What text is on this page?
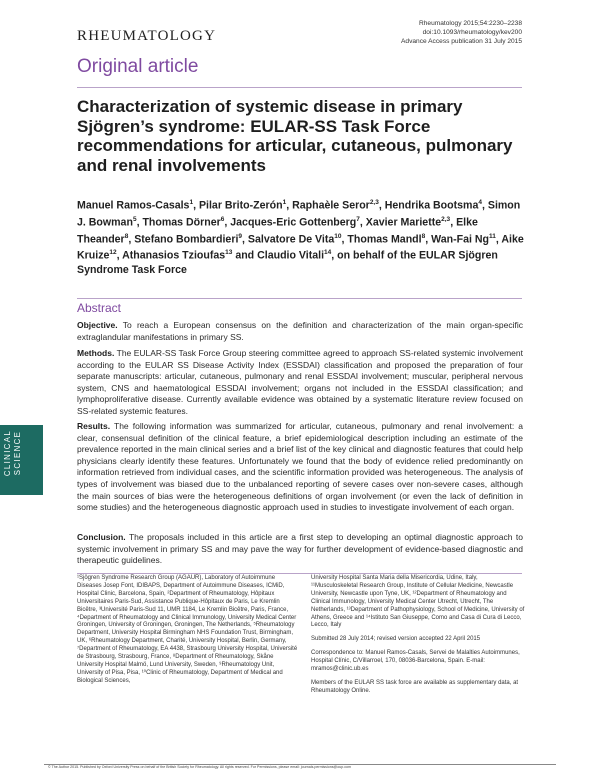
RHEUMATOLOGY
Rheumatology 2015;54:2230–2238
doi:10.1093/rheumatology/kev200
Advance Access publication 31 July 2015
Original article
Characterization of systemic disease in primary Sjögren’s syndrome: EULAR-SS Task Force recommendations for articular, cutaneous, pulmonary and renal involvements
Manuel Ramos-Casals$^1$, Pilar Brito-Zerón$^1$, Raphaèle Seror$^{2,3}$, Hendrika Bootsma$^4$, Simon J. Bowman$^5$, Thomas Dörner$^6$, Jacques-Eric Gottenberg$^7$, Xavier Mariette$^{2,3}$, Elke Theander$^8$, Stefano Bombardieri$^9$, Salvatore De Vita$^{10}$, Thomas Mandl$^8$, Wan-Fai Ng$^{11}$, Aike Kruize$^{12}$, Athanasios Tzioufas$^{13}$ and Claudio Vitali$^{14}$, on behalf of the EULAR Sjögren Syndrome Task Force
Abstract
Objective. To reach a European consensus on the definition and characterization of the main organ-specific extraglandular manifestations in primary SS.
Methods. The EULAR-SS Task Force Group steering committee agreed to approach SS-related systemic involvement according to the EULAR SS Disease Activity Index (ESSDAI) classification and proposed the preparation of four separate manuscripts: articular, cutaneous, pulmonary and renal ESSDAI involvement; muscular, peripheral nervous system, CNS and haematological ESSDAI involvement; organs not included in the ESSDAI classification; and lymphoproliferative disease. Currently available evidence was obtained by a systematic literature review focused on SS-related systemic features.
Results. The following information was summarized for articular, cutaneous, pulmonary and renal involvement: a clear, consensual definition of the clinical feature, a brief epidemiological description including an estimate of the prevalence reported in the main clinical series and a brief list of the key clinical and diagnostic features that could help physicians clearly identify these features. Unfortunately we found that the body of evidence relied predominantly on information retrieved from individual cases, and the scientific information provided was heterogeneous. The analysis of types of involvement was biased due to the unbalanced reporting of severe cases over non-severe cases, although the main sources of bias were the heterogeneous definitions of organ involvement (or even the lack of definition in some studies) and the heterogeneous diagnostic approach used in studies to investigate involvement of each organ.
Conclusion. The proposals included in this article are a first step to developing an optimal diagnostic approach to systemic involvement in primary SS and may pave the way for further development of evidence-based diagnostic and therapeutic guidelines.
CLINICAL SCIENCE
¹Sjögren Syndrome Research Group (AGAUR), Laboratory of Autoimmune Diseases Josep Font, IDIBAPS, Department of Autoimmune Diseases, ICMiD, Hospital Clinic, Barcelona, Spain, ²Department of Rheumatology, Hôpitaux Universitaires Paris-Sud, Assistance Publique-Hôpitaux de Paris, Le Kremlin Bicêtre, ³Université Paris-Sud 11, UMR 1184, Le Kremlin Bicêtre, Paris, France, ⁴Department of Rheumatology and Clinical Immunology, University Medical Center Groningen, University of Groningen, Groningen, The Netherlands, ⁵Rheumatology Department, University Hospital Birmingham NHS Foundation Trust, Birmingham, UK, ⁶Rheumatology Department, Charité, University Hospital, Berlin, Germany, ⁷Department of Rheumatology, EA 4438, Strasbourg University Hospital, Université de Strasbourg, Strasbourg, France, ⁸Department of Rheumatology, Skåne University Hospital Malmö, Lund University, Sweden, ⁹Rheumatology Unit, University of Pisa, Pisa, ¹⁰Clinic of Rheumatology, Department of Medical and Biological Sciences,

University Hospital Santa Maria della Misericordia, Udine, Italy, ¹¹Musculoskeletal Research Group, Institute of Cellular Medicine, Newcastle University, Newcastle upon Tyne, UK, ¹²Department of Rheumatology and Clinical Immunology, University Medical Center Utrecht, Utrecht, The Netherlands, ¹³Department of Pathophysiology, School of Medicine, University of Athens, Greece and ¹⁴Istituto San Giuseppe, Como and Casa di Cura di Lecco, Lecco, Italy

Submitted 28 July 2014; revised version accepted 22 April 2015

Correspondence to: Manuel Ramos-Casals, Servei de Malalties Autoimmunes, Hospital Clínic, C/Villarroel, 170, 08036-Barcelona, Spain. E-mail: mramos@clinic.ub.es

Members of the EULAR SS task force are available as supplementary data, at Rheumatology Online.

© The Author 2015. Published by Oxford University Press on behalf of the British Society for Rheumatology. All rights reserved. For Permissions, please email: journals.permissions@oup.com
